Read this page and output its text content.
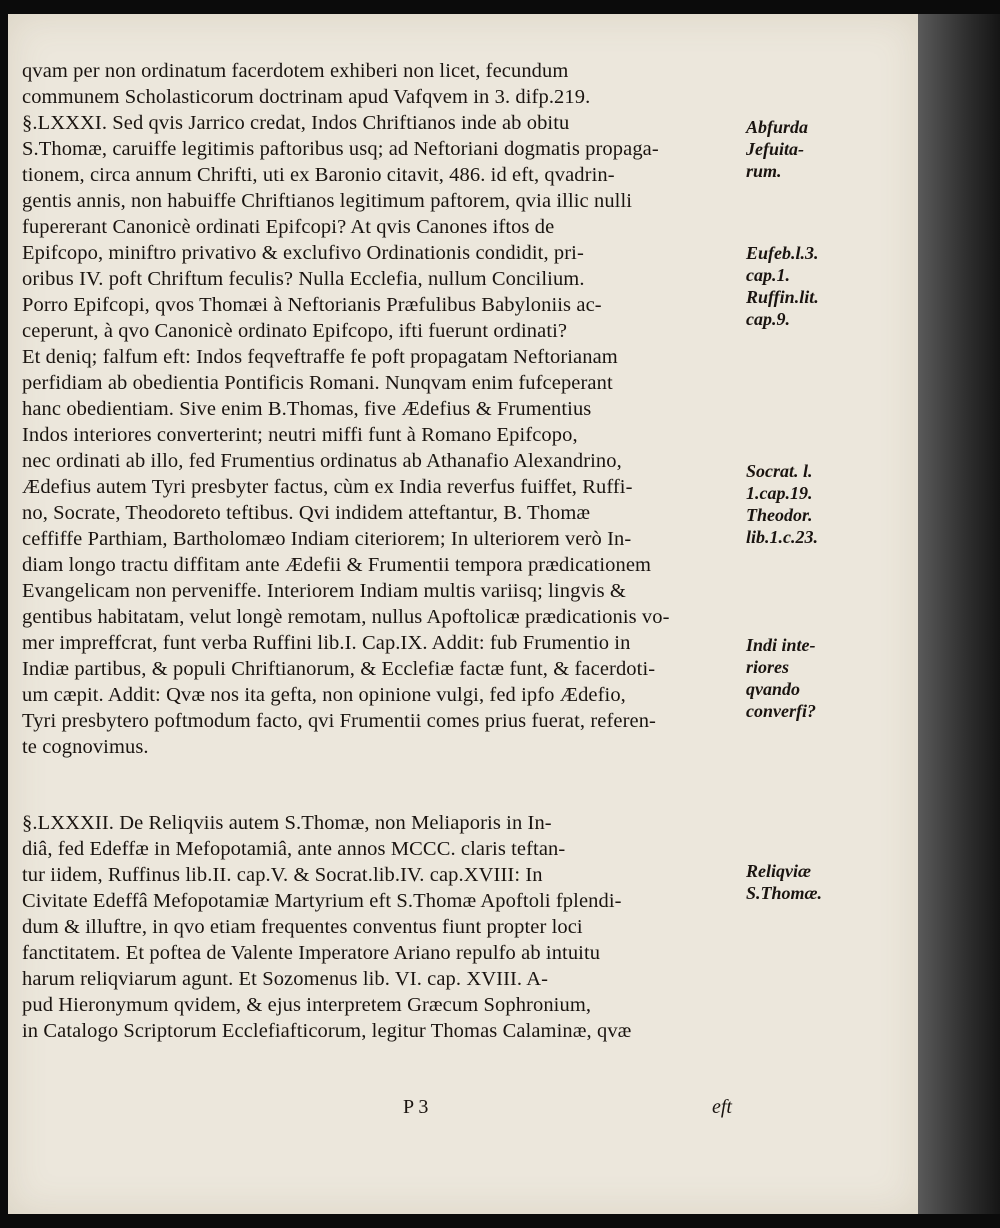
qvam per non ordinatum facerdotem exhiberi non licet, fecundum
communem Scholasticorum doctrinam apud Vafqvem in 3. difp.219.
§.LXXXI. Sed qvis Jarrico credat, Indos Chriftianos inde ab obitu
S.Thomæ, caruiffe legitimis paftoribus usq; ad Neftoriani dogmatis propaga-
tionem, circa annum Chrifti, uti ex Baronio citavit, 486. id eft, qvadrin-
gentis annis, non habuiffe Chriftianos legitimum paftorem, qvia illic nulli
fupererant Canonicè ordinati Epifcopi? At qvis Canones iftos de
Epifcopo, miniftro privativo & exclufivo Ordinationis condidit, pri-
oribus IV. poft Chriftum feculis? Nulla Ecclefia, nullum Concilium.
Porro Epifcopi, qvos Thomæi à Neftorianis Præfulibus Babyloniis ac-
ceperunt, à qvo Canonicè ordinato Epifcopo, ifti fuerunt ordinati?
Et deniq; falfum eft: Indos feqveftraffe fe poft propagatam Neftorianam
perfidiam ab obedientia Pontificis Romani. Nunqvam enim fufceperant
hanc obedientiam. Sive enim B.Thomas, five Ædefius & Frumentius
Indos interiores converterint; neutri miffi funt à Romano Epifcopo,
nec ordinati ab illo, fed Frumentius ordinatus ab Athanafio Alexandrino,
Ædefius autem Tyri presbyter factus, cùm ex India reverfus fuiffet, Ruffi-
no, Socrate, Theodoreto teftibus. Qvi indidem atteftantur, B. Thomæ
ceffiffe Parthiam, Bartholomæo Indiam citeriorem; In ulteriorem verò In-
diam longo tractu diffitam ante Ædefii & Frumentii tempora prædicationem
Evangelicam non perveniffe. Interiorem Indiam multis variisq; lingvis &
gentibus habitatam, velut longè remotam, nullus Apoftolicæ prædicationis vo-
mer impreffcrat, funt verba Ruffini lib.I. Cap.IX. Addit: fub Frumentio in
Indiæ partibus, & populi Chriftianorum, & Ecclefiæ factæ funt, & facerdoti-
um cæpit. Addit: Qvæ nos ita gefta, non opinione vulgi, fed ipfo Ædefio,
Tyri presbytero poftmodum facto, qvi Frumentii comes prius fuerat, referen-
te cognovimus.
§.LXXXII. De Reliqviis autem S.Thomæ, non Meliaporis in In-
diâ, fed Edeffæ in Mefopotamiâ, ante annos MCCC. claris teftan-
tur iidem, Ruffinus lib.II. cap.V. & Socrat.lib.IV. cap.XVIII: In
Civitate Edeffâ Mefopotamiæ Martyrium eft S.Thomæ Apoftoli fplendi-
dum & illuftre, in qvo etiam frequentes conventus fiunt propter loci
fanctitatem. Et poftea de Valente Imperatore Ariano repulfo ab intuitu
harum reliqviarum agunt. Et Sozomenus lib. VI. cap. XVIII. A-
pud Hieronymum qvidem, & ejus interpretem Græcum Sophronium,
in Catalogo Scriptorum Ecclefiafticorum, legitur Thomas Calaminæ, qvæ
Abfurda
Jefuita-
rum.
Eufeb.l.3.
cap.1.
Ruffin.lit.
cap.9.
Socrat. l.
1.cap.19.
Theodor.
lib.1.c.23.
Indi inte-
riores
qvando
converfi?
Reliqviæ
S.Thomæ.
P 3	eft
